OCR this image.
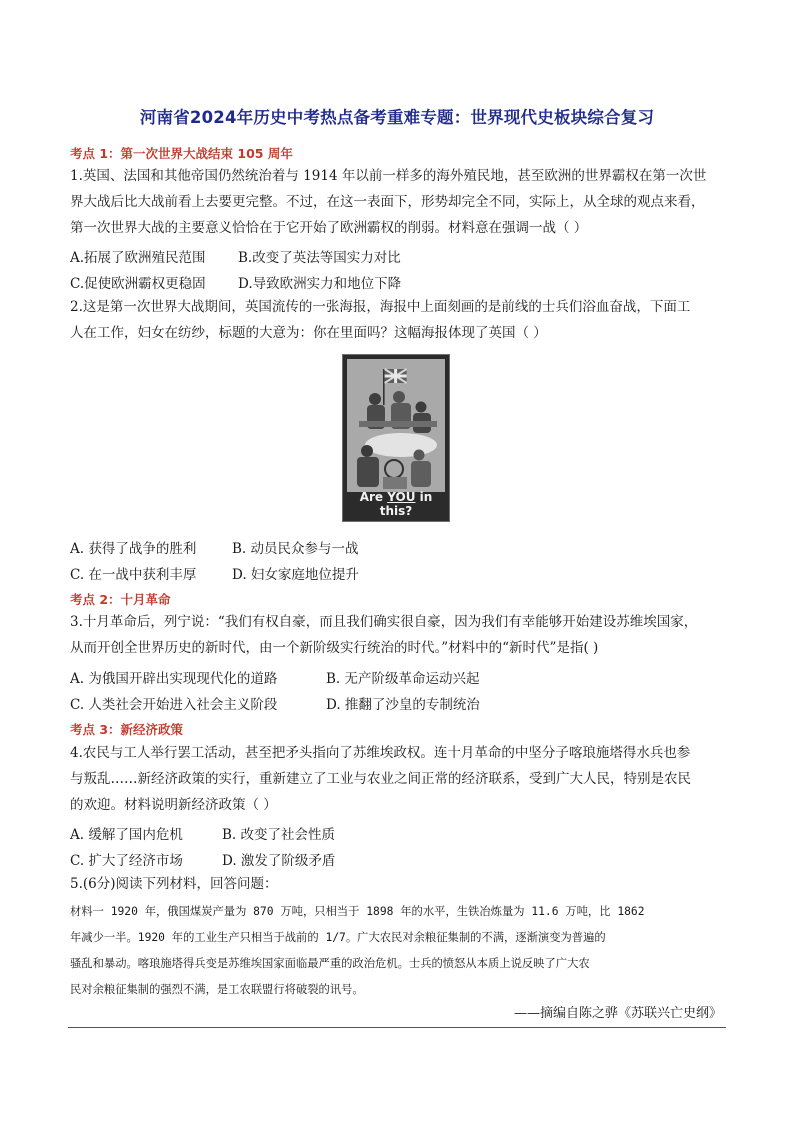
河南省2024年历史中考热点备考重难专题：世界现代史板块综合复习
考点 1：第一次世界大战结束 105 周年
1.英国、法国和其他帝国仍然统治着与 1914 年以前一样多的海外殖民地，甚至欧洲的世界霸权在第一次世
界大战后比大战前看上去要更完整。不过，在这一表面下，形势却完全不同，实际上，从全球的观点来看，
第一次世界大战的主要意义恰恰在于它开始了欧洲霸权的削弱。材料意在强调一战（ ）
A.拓展了欧洲殖民范围 B.改变了英法等国实力对比
C.促使欧洲霸权更稳固 D.导致欧洲实力和地位下降
2.这是第一次世界大战期间，英国流传的一张海报，海报中上面刻画的是前线的士兵们浴血奋战，下面工
人在工作，妇女在纺纱，标题的大意为：你在里面吗？这幅海报体现了英国（ ）
Are YOU in this?
A. 获得了战争的胜利	B. 动员民众参与一战
C. 在一战中获利丰厚	D. 妇女家庭地位提升
考点 2：十月革命
3.十月革命后，列宁说：“我们有权自豪，而且我们确实很自豪，因为我们有幸能够开始建设苏维埃国家，
从而开创全世界历史的新时代，由一个新阶级实行统治的时代。”材料中的“新时代”是指( )
A. 为俄国开辟出实现现代化的道路	B. 无产阶级革命运动兴起
C. 人类社会开始进入社会主义阶段	D. 推翻了沙皇的专制统治
考点 3：新经济政策
4.农民与工人举行罢工活动，甚至把矛头指向了苏维埃政权。连十月革命的中坚分子喀琅施塔得水兵也参
与叛乱……新经济政策的实行，重新建立了工业与农业之间正常的经济联系，受到广大人民，特别是农民
的欢迎。材料说明新经济政策（ ）
A. 缓解了国内危机	B. 改变了社会性质
C. 扩大了经济市场	D. 激发了阶级矛盾
5.(6分)阅读下列材料，回答问题：
材料一 1920 年，俄国煤炭产量为 870 万吨，只相当于 1898 年的水平，生铁冶炼量为 11.6 万吨，比 1862
年减少一半。1920 年的工业生产只相当于战前的 1/7。广大农民对余粮征集制的不满，逐渐演变为普遍的
骚乱和暴动。喀琅施塔得兵变是苏维埃国家面临最严重的政治危机。士兵的愤怒从本质上说反映了广大农
民对余粮征集制的强烈不满，是工农联盟行将破裂的讯号。
——摘编自陈之骅《苏联兴亡史纲》
